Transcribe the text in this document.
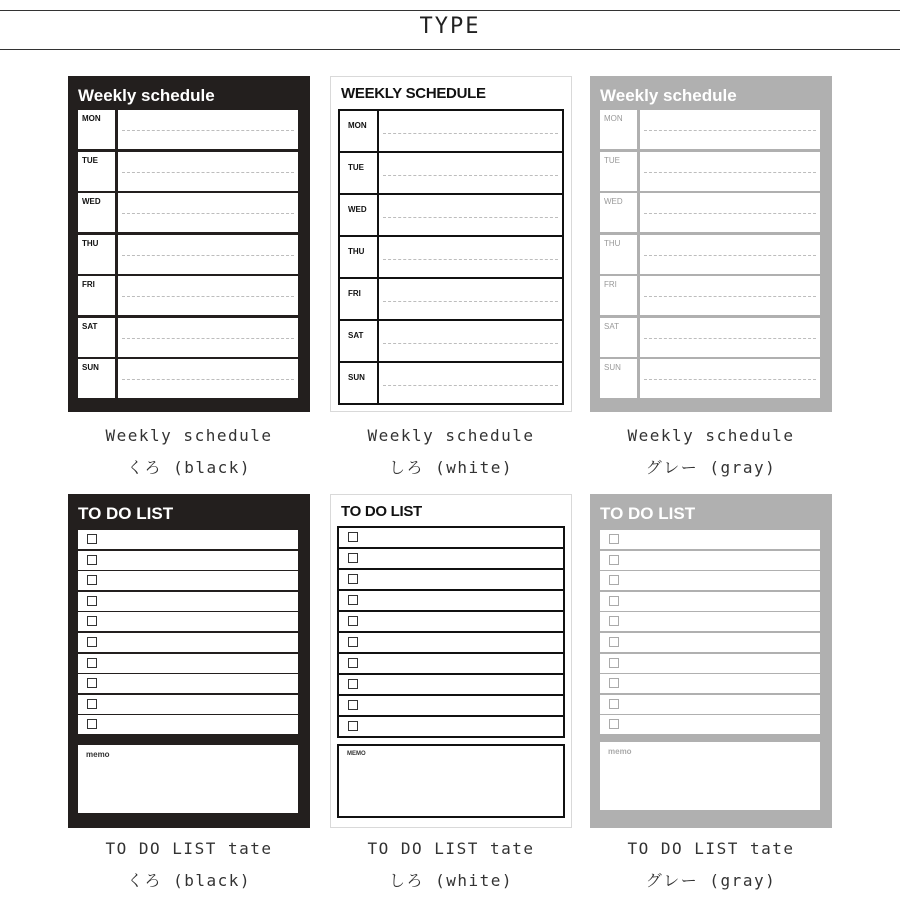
TYPE
Weekly schedule
MON
TUE
WED
THU
FRI
SAT
SUN
WEEKLY SCHEDULE
MON
TUE
WED
THU
FRI
SAT
SUN
Weekly schedule
MON
TUE
WED
THU
FRI
SAT
SUN
Weekly schedule
くろ (black)
Weekly schedule
しろ (white)
Weekly schedule
グレー (gray)
TO DO LIST
memo
TO DO LIST
MEMO
TO DO LIST
memo
TO DO LIST tate
くろ (black)
TO DO LIST tate
しろ (white)
TO DO LIST tate
グレー (gray)
